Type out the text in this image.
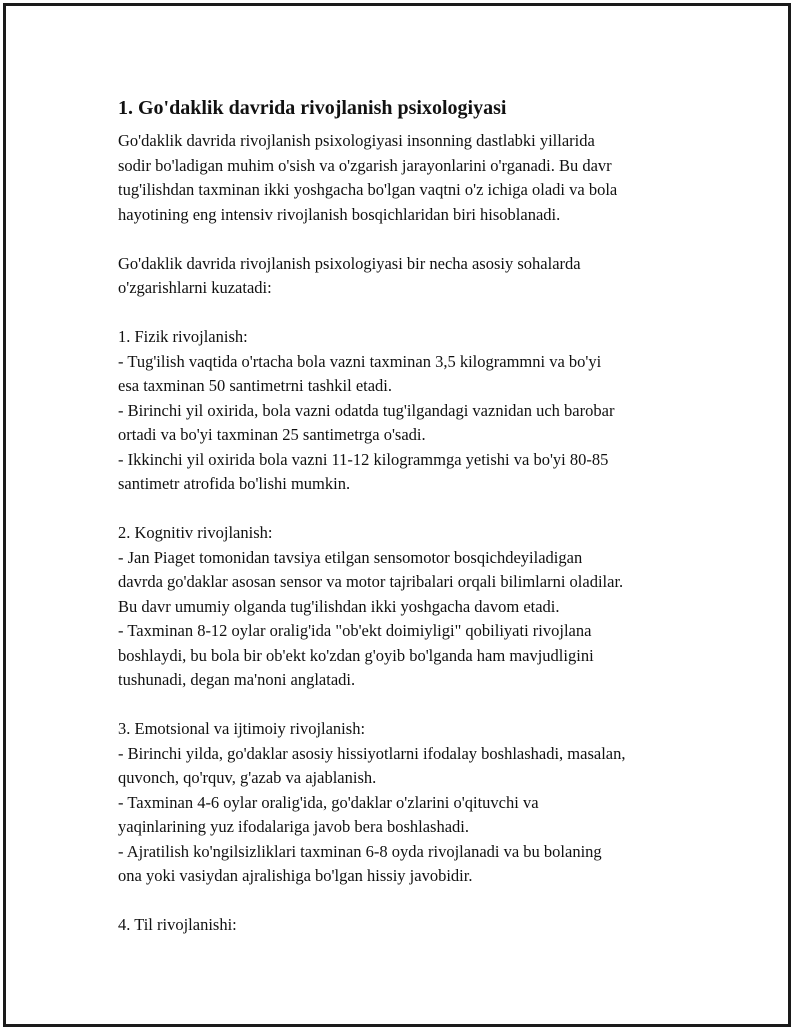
1. Go'daklik davrida rivojlanish psixologiyasi
Go'daklik davrida rivojlanish psixologiyasi insonning dastlabki yillarida
sodir bo'ladigan muhim o'sish va o'zgarish jarayonlarini o'rganadi. Bu davr
tug'ilishdan taxminan ikki yoshgacha bo'lgan vaqtni o'z ichiga oladi va bola
hayotining eng intensiv rivojlanish bosqichlaridan biri hisoblanadi.
Go'daklik davrida rivojlanish psixologiyasi bir necha asosiy sohalarda
o'zgarishlarni kuzatadi:
1. Fizik rivojlanish:
- Tug'ilish vaqtida o'rtacha bola vazni taxminan 3,5 kilogrammni va bo'yi
esa taxminan 50 santimetrni tashkil etadi.
- Birinchi yil oxirida, bola vazni odatda tug'ilgandagi vaznidan uch barobar
ortadi va bo'yi taxminan 25 santimetrga o'sadi.
- Ikkinchi yil oxirida bola vazni 11-12 kilogrammga yetishi va bo'yi 80-85
santimetr atrofida bo'lishi mumkin.
2. Kognitiv rivojlanish:
- Jan Piaget tomonidan tavsiya etilgan sensomotor bosqichdeyiladigan
davrda go'daklar asosan sensor va motor tajribalari orqali bilimlarni oladilar.
Bu davr umumiy olganda tug'ilishdan ikki yoshgacha davom etadi.
- Taxminan 8-12 oylar oralig'ida "ob'ekt doimiyligi" qobiliyati rivojlana
boshlaydi, bu bola bir ob'ekt ko'zdan g'oyib bo'lganda ham mavjudligini
tushunadi, degan ma'noni anglatadi.
3. Emotsional va ijtimoiy rivojlanish:
- Birinchi yilda, go'daklar asosiy hissiyotlarni ifodalay boshlashadi, masalan,
quvonch, qo'rquv, g'azab va ajablanish.
- Taxminan 4-6 oylar oralig'ida, go'daklar o'zlarini o'qituvchi va
yaqinlarining yuz ifodalariga javob bera boshlashadi.
- Ajratilish ko'ngilsizliklari taxminan 6-8 oyda rivojlanadi va bu bolaning
ona yoki vasiydan ajralishiga bo'lgan hissiy javobidir.
4. Til rivojlanishi:
